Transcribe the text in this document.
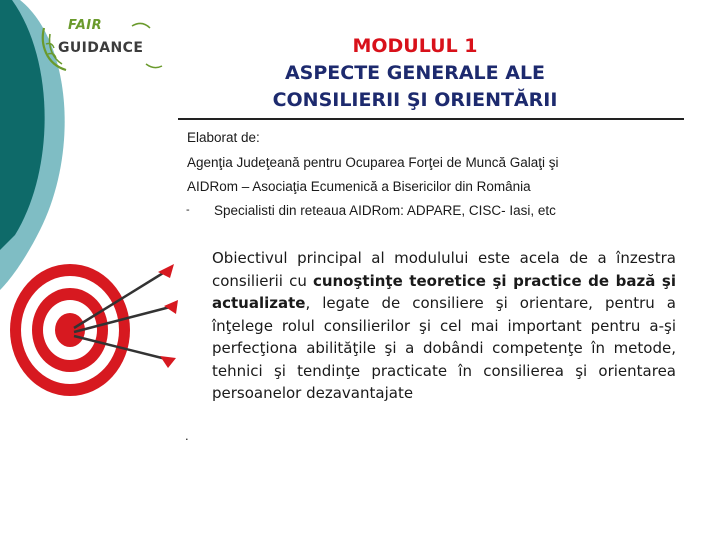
FAIR
GUIDANCE	MODULUL 1
ASPECTE GENERALE ALE
CONSILIERII ŞI ORIENTĂRII
Elaborat de:
Agenţia Judeţeană pentru Ocuparea Forţei de Muncă Galaţi şi
AIDRom – Asociaţia Ecumenică a Bisericilor din România
- Specialisti din reteaua AIDRom: ADPARE, CISC- Iasi, etc
Obiectivul principal al modulului este acela de a înzestra consilierii cu cunoştinţe teoretice şi practice de bază şi actualizate, legate de consiliere şi orientare, pentru a înţelege rolul consilierilor şi cel mai important pentru a-şi perfecţiona abilităţile şi a dobândi competenţe în metode, tehnici şi tendinţe practicate în consilierea şi orientarea persoanelor dezavantajate
.
